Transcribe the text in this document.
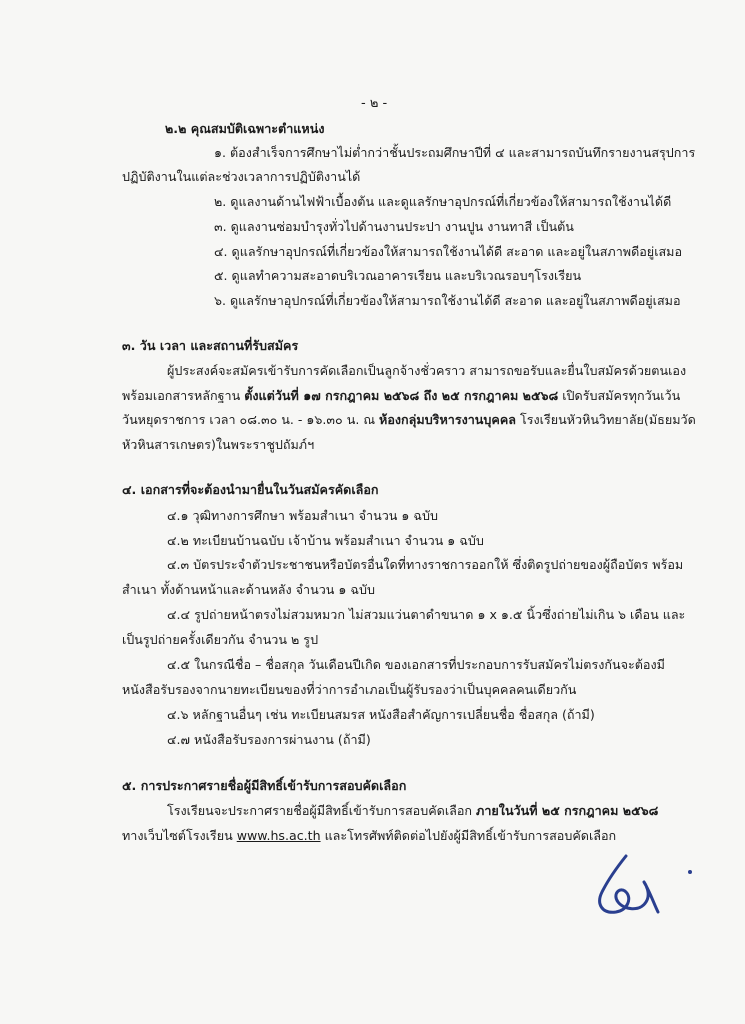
- ๒ -
๒.๒ คุณสมบัติเฉพาะตำแหน่ง
๑. ต้องสำเร็จการศึกษาไม่ต่ำกว่าชั้นประถมศึกษาปีที่ ๔ และสามารถบันทึกรายงานสรุปการ
ปฏิบัติงานในแต่ละช่วงเวลาการปฏิบัติงานได้
๒. ดูแลงานด้านไฟฟ้าเบื้องต้น และดูแลรักษาอุปกรณ์ที่เกี่ยวข้องให้สามารถใช้งานได้ดี
๓. ดูแลงานซ่อมบำรุงทั่วไปด้านงานประปา งานปูน งานทาสี เป็นต้น
๔. ดูแลรักษาอุปกรณ์ที่เกี่ยวข้องให้สามารถใช้งานได้ดี สะอาด และอยู่ในสภาพดีอยู่เสมอ
๕. ดูแลทำความสะอาดบริเวณอาคารเรียน และบริเวณรอบๆโรงเรียน
๖. ดูแลรักษาอุปกรณ์ที่เกี่ยวข้องให้สามารถใช้งานได้ดี สะอาด และอยู่ในสภาพดีอยู่เสมอ
๓. วัน เวลา และสถานที่รับสมัคร
ผู้ประสงค์จะสมัครเข้ารับการคัดเลือกเป็นลูกจ้างชั่วคราว สามารถขอรับและยื่นใบสมัครด้วยตนเอง
พร้อมเอกสารหลักฐาน ตั้งแต่วันที่ ๑๗ กรกฎาคม ๒๕๖๘ ถึง ๒๕ กรกฎาคม ๒๕๖๘ เปิดรับสมัครทุกวันเว้น
วันหยุดราชการ เวลา ๐๘.๓๐ น. - ๑๖.๓๐ น. ณ ห้องกลุ่มบริหารงานบุคคล โรงเรียนหัวหินวิทยาลัย(มัธยมวัด
หัวหินสารเกษตร)ในพระราชูปถัมภ์ฯ
๔. เอกสารที่จะต้องนำมายื่นในวันสมัครคัดเลือก
๔.๑ วุฒิทางการศึกษา พร้อมสำเนา จำนวน ๑ ฉบับ
๔.๒ ทะเบียนบ้านฉบับ เจ้าบ้าน พร้อมสำเนา จำนวน ๑ ฉบับ
๔.๓ บัตรประจำตัวประชาชนหรือบัตรอื่นใดที่ทางราชการออกให้ ซึ่งติดรูปถ่ายของผู้ถือบัตร พร้อม
สำเนา ทั้งด้านหน้าและด้านหลัง จำนวน ๑ ฉบับ
๔.๔ รูปถ่ายหน้าตรงไม่สวมหมวก ไม่สวมแว่นตาดำขนาด ๑ x ๑.๕ นิ้วซึ่งถ่ายไม่เกิน ๖ เดือน และ
เป็นรูปถ่ายครั้งเดียวกัน จำนวน ๒ รูป
๔.๕ ในกรณีชื่อ – ชื่อสกุล วันเดือนปีเกิด ของเอกสารที่ประกอบการรับสมัครไม่ตรงกันจะต้องมี
หนังสือรับรองจากนายทะเบียนของที่ว่าการอำเภอเป็นผู้รับรองว่าเป็นบุคคลคนเดียวกัน
๔.๖ หลักฐานอื่นๆ เช่น ทะเบียนสมรส หนังสือสำคัญการเปลี่ยนชื่อ ชื่อสกุล (ถ้ามี)
๔.๗ หนังสือรับรองการผ่านงาน (ถ้ามี)
๕. การประกาศรายชื่อผู้มีสิทธิ์เข้ารับการสอบคัดเลือก
โรงเรียนจะประกาศรายชื่อผู้มีสิทธิ์เข้ารับการสอบคัดเลือก ภายในวันที่ ๒๕ กรกฎาคม ๒๕๖๘
ทางเว็บไซต์โรงเรียน www.hs.ac.th และโทรศัพท์ติดต่อไปยังผู้มีสิทธิ์เข้ารับการสอบคัดเลือก
